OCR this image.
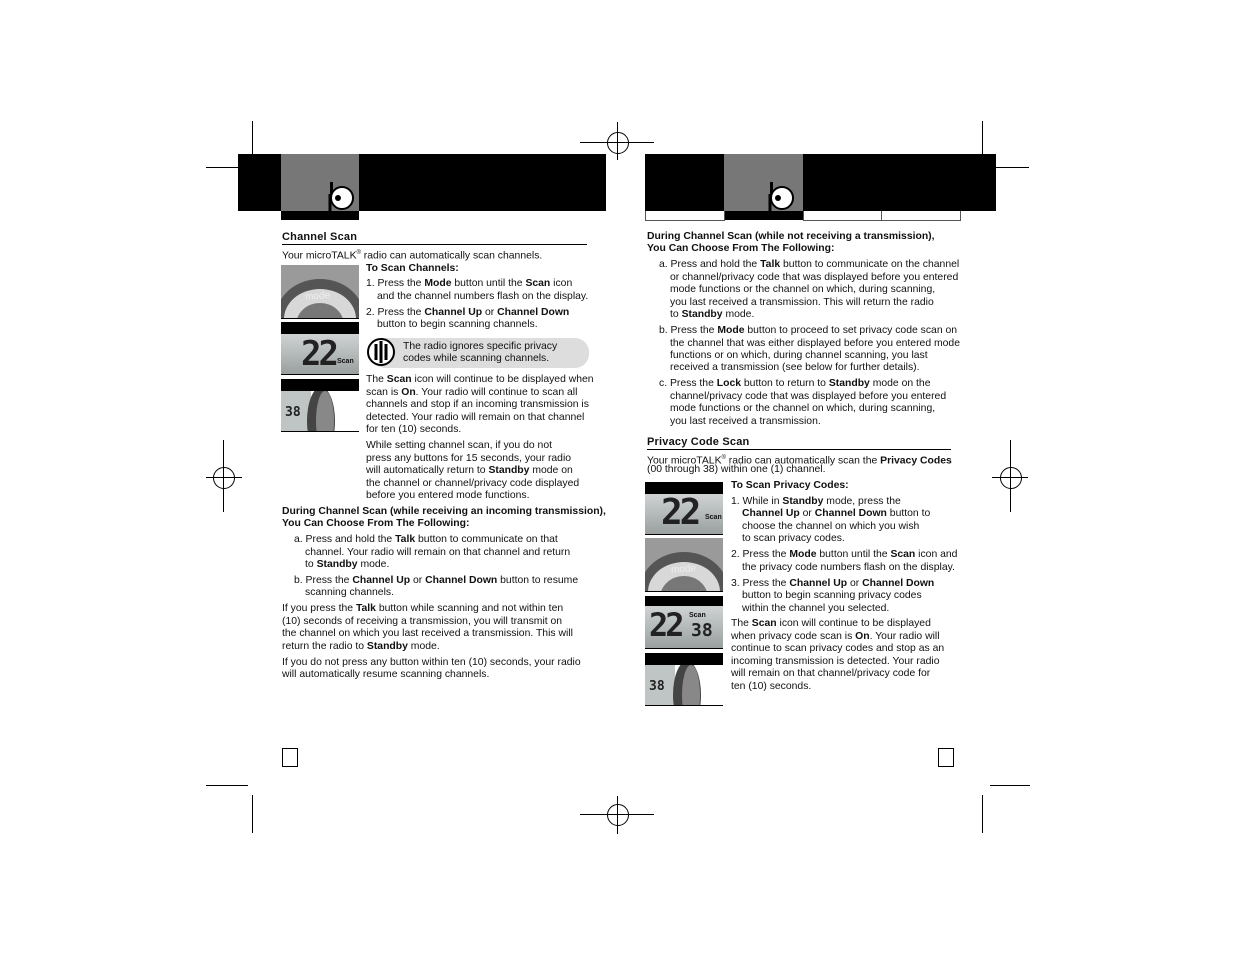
Channel Scan
Your microTALK® radio can automatically scan channels.
mode
22 Scan
38
To Scan Channels:
1. Press the Mode button until the Scan icon
and the channel numbers flash on the display.
2. Press the Channel Up or Channel Down
button to begin scanning channels.
The radio ignores specific privacy
codes while scanning channels.
The Scan icon will continue to be displayed when
scan is On. Your radio will continue to scan all
channels and stop if an incoming transmission is
detected. Your radio will remain on that channel
for ten (10) seconds.
While setting channel scan, if you do not
press any buttons for 15 seconds, your radio
will automatically return to Standby mode on
the channel or channel/privacy code displayed
before you entered mode functions.
During Channel Scan (while receiving an incoming transmission),
You Can Choose From The Following:
a. Press and hold the Talk button to communicate on that
channel. Your radio will remain on that channel and return
to Standby mode.
b. Press the Channel Up or Channel Down button to resume
scanning channels.
If you press the Talk button while scanning and not within ten
(10) seconds of receiving a transmission, you will transmit on
the channel on which you last received a transmission. This will
return the radio to Standby mode.
If you do not press any button within ten (10) seconds, your radio
will automatically resume scanning channels.
During Channel Scan (while not receiving a transmission),
You Can Choose From The Following:
a. Press and hold the Talk button to communicate on the channel
or channel/privacy code that was displayed before you entered
mode functions or the channel on which, during scanning,
you last received a transmission. This will return the radio
to Standby mode.
b. Press the Mode button to proceed to set privacy code scan on
the channel that was either displayed before you entered mode
functions or on which, during channel scanning, you last
received a transmission (see below for further details).
c. Press the Lock button to return to Standby mode on the
channel/privacy code that was displayed before you entered
mode functions or the channel on which, during scanning,
you last received a transmission.
Privacy Code Scan
Your microTALK® radio can automatically scan the Privacy Codes
(00 through 38) within one (1) channel.
22 Scan
mode
22 Scan
38
38
To Scan Privacy Codes:
1. While in Standby mode, press the
Channel Up or Channel Down button to
choose the channel on which you wish
to scan privacy codes.
2. Press the Mode button until the Scan icon and
the privacy code numbers flash on the display.
3. Press the Channel Up or Channel Down
button to begin scanning privacy codes
within the channel you selected.
The Scan icon will continue to be displayed
when privacy code scan is On. Your radio will
continue to scan privacy codes and stop as an
incoming transmission is detected. Your radio
will remain on that channel/privacy code for
ten (10) seconds.
